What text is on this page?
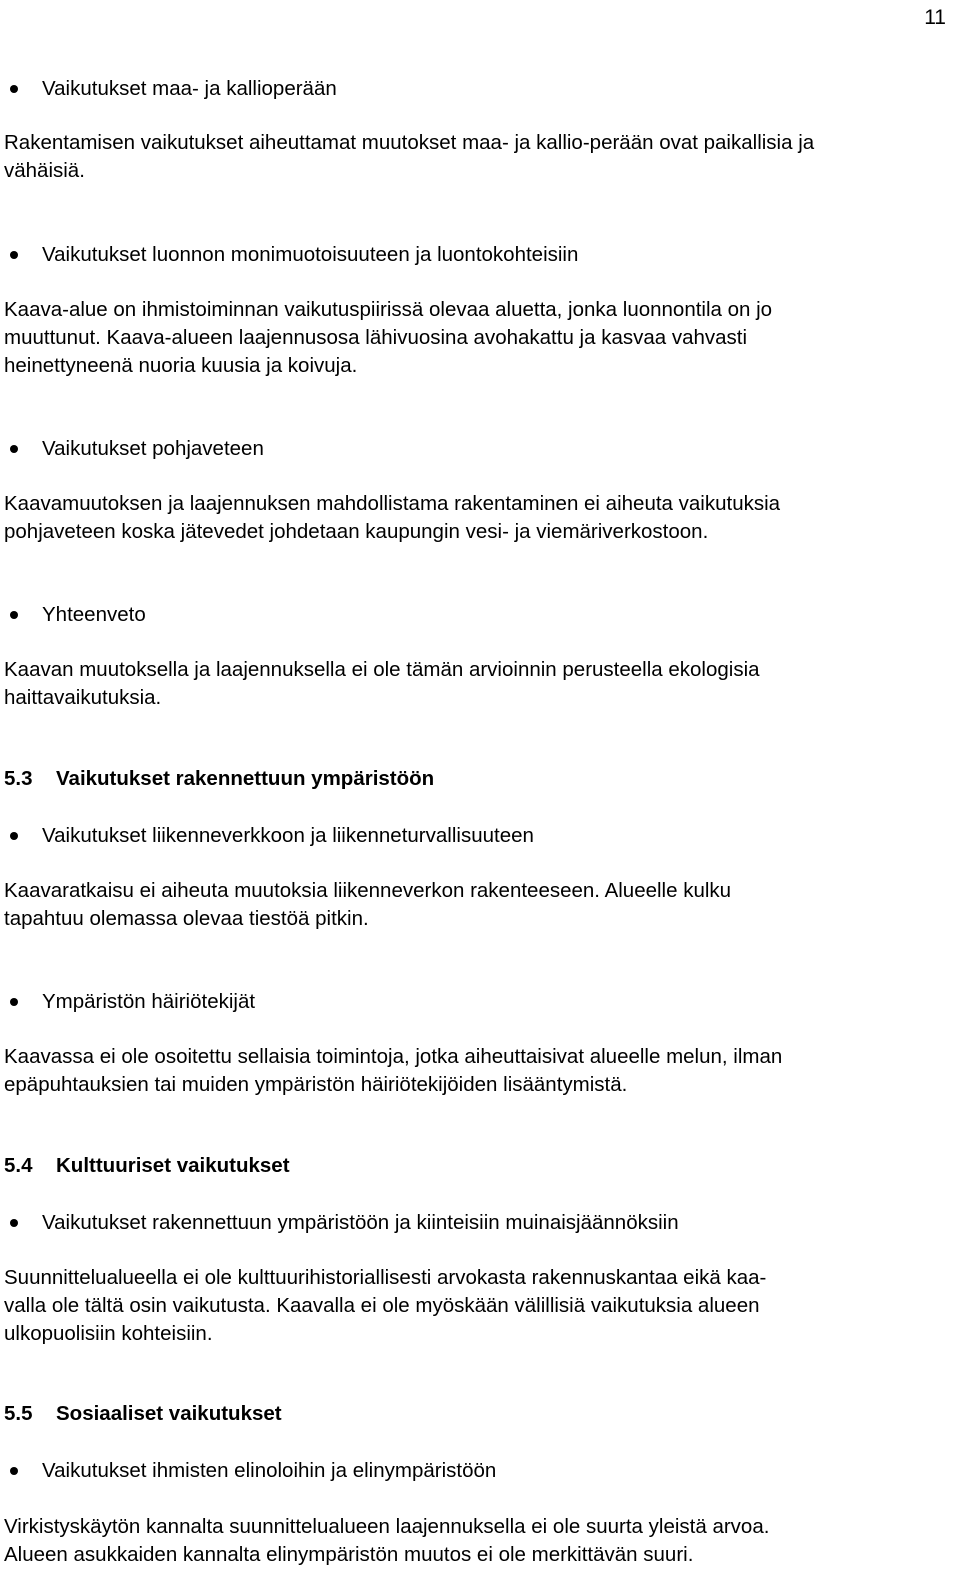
11
Vaikutukset maa- ja kallioperään
Rakentamisen vaikutukset aiheuttamat muutokset maa- ja kallio-perään ovat paikallisia ja
vähäisiä.
Vaikutukset luonnon monimuotoisuuteen ja luontokohteisiin
Kaava-alue on ihmistoiminnan vaikutuspiirissä olevaa aluetta, jonka luonnontila on jo
muuttunut. Kaava-alueen laajennusosa lähivuosina avohakattu ja kasvaa vahvasti
heinettyneenä nuoria kuusia ja koivuja.
Vaikutukset pohjaveteen
Kaavamuutoksen ja laajennuksen mahdollistama rakentaminen ei aiheuta vaikutuksia
pohjaveteen koska jätevedet johdetaan kaupungin vesi- ja viemäriverkostoon.
Yhteenveto
Kaavan muutoksella ja laajennuksella ei ole tämän arvioinnin perusteella ekologisia
haittavaikutuksia.
5.3 Vaikutukset rakennettuun ympäristöön
Vaikutukset liikenneverkkoon ja liikenneturvallisuuteen
Kaavaratkaisu ei aiheuta muutoksia liikenneverkon rakenteeseen. Alueelle kulku
tapahtuu olemassa olevaa tiestöä pitkin.
Ympäristön häiriötekijät
Kaavassa ei ole osoitettu sellaisia toimintoja, jotka aiheuttaisivat alueelle melun, ilman
epäpuhtauksien tai muiden ympäristön häiriötekijöiden lisääntymistä.
5.4 Kulttuuriset vaikutukset
Vaikutukset rakennettuun ympäristöön ja kiinteisiin muinaisjäännöksiin
Suunnittelualueella ei ole kulttuurihistoriallisesti arvokasta rakennuskantaa eikä kaa-
valla ole tältä osin vaikutusta. Kaavalla ei ole myöskään välillisiä vaikutuksia alueen
ulkopuolisiin kohteisiin.
5.5 Sosiaaliset vaikutukset
Vaikutukset ihmisten elinoloihin ja elinympäristöön
Virkistyskäytön kannalta suunnittelualueen laajennuksella ei ole suurta yleistä arvoa.
Alueen asukkaiden kannalta elinympäristön muutos ei ole merkittävän suuri.
